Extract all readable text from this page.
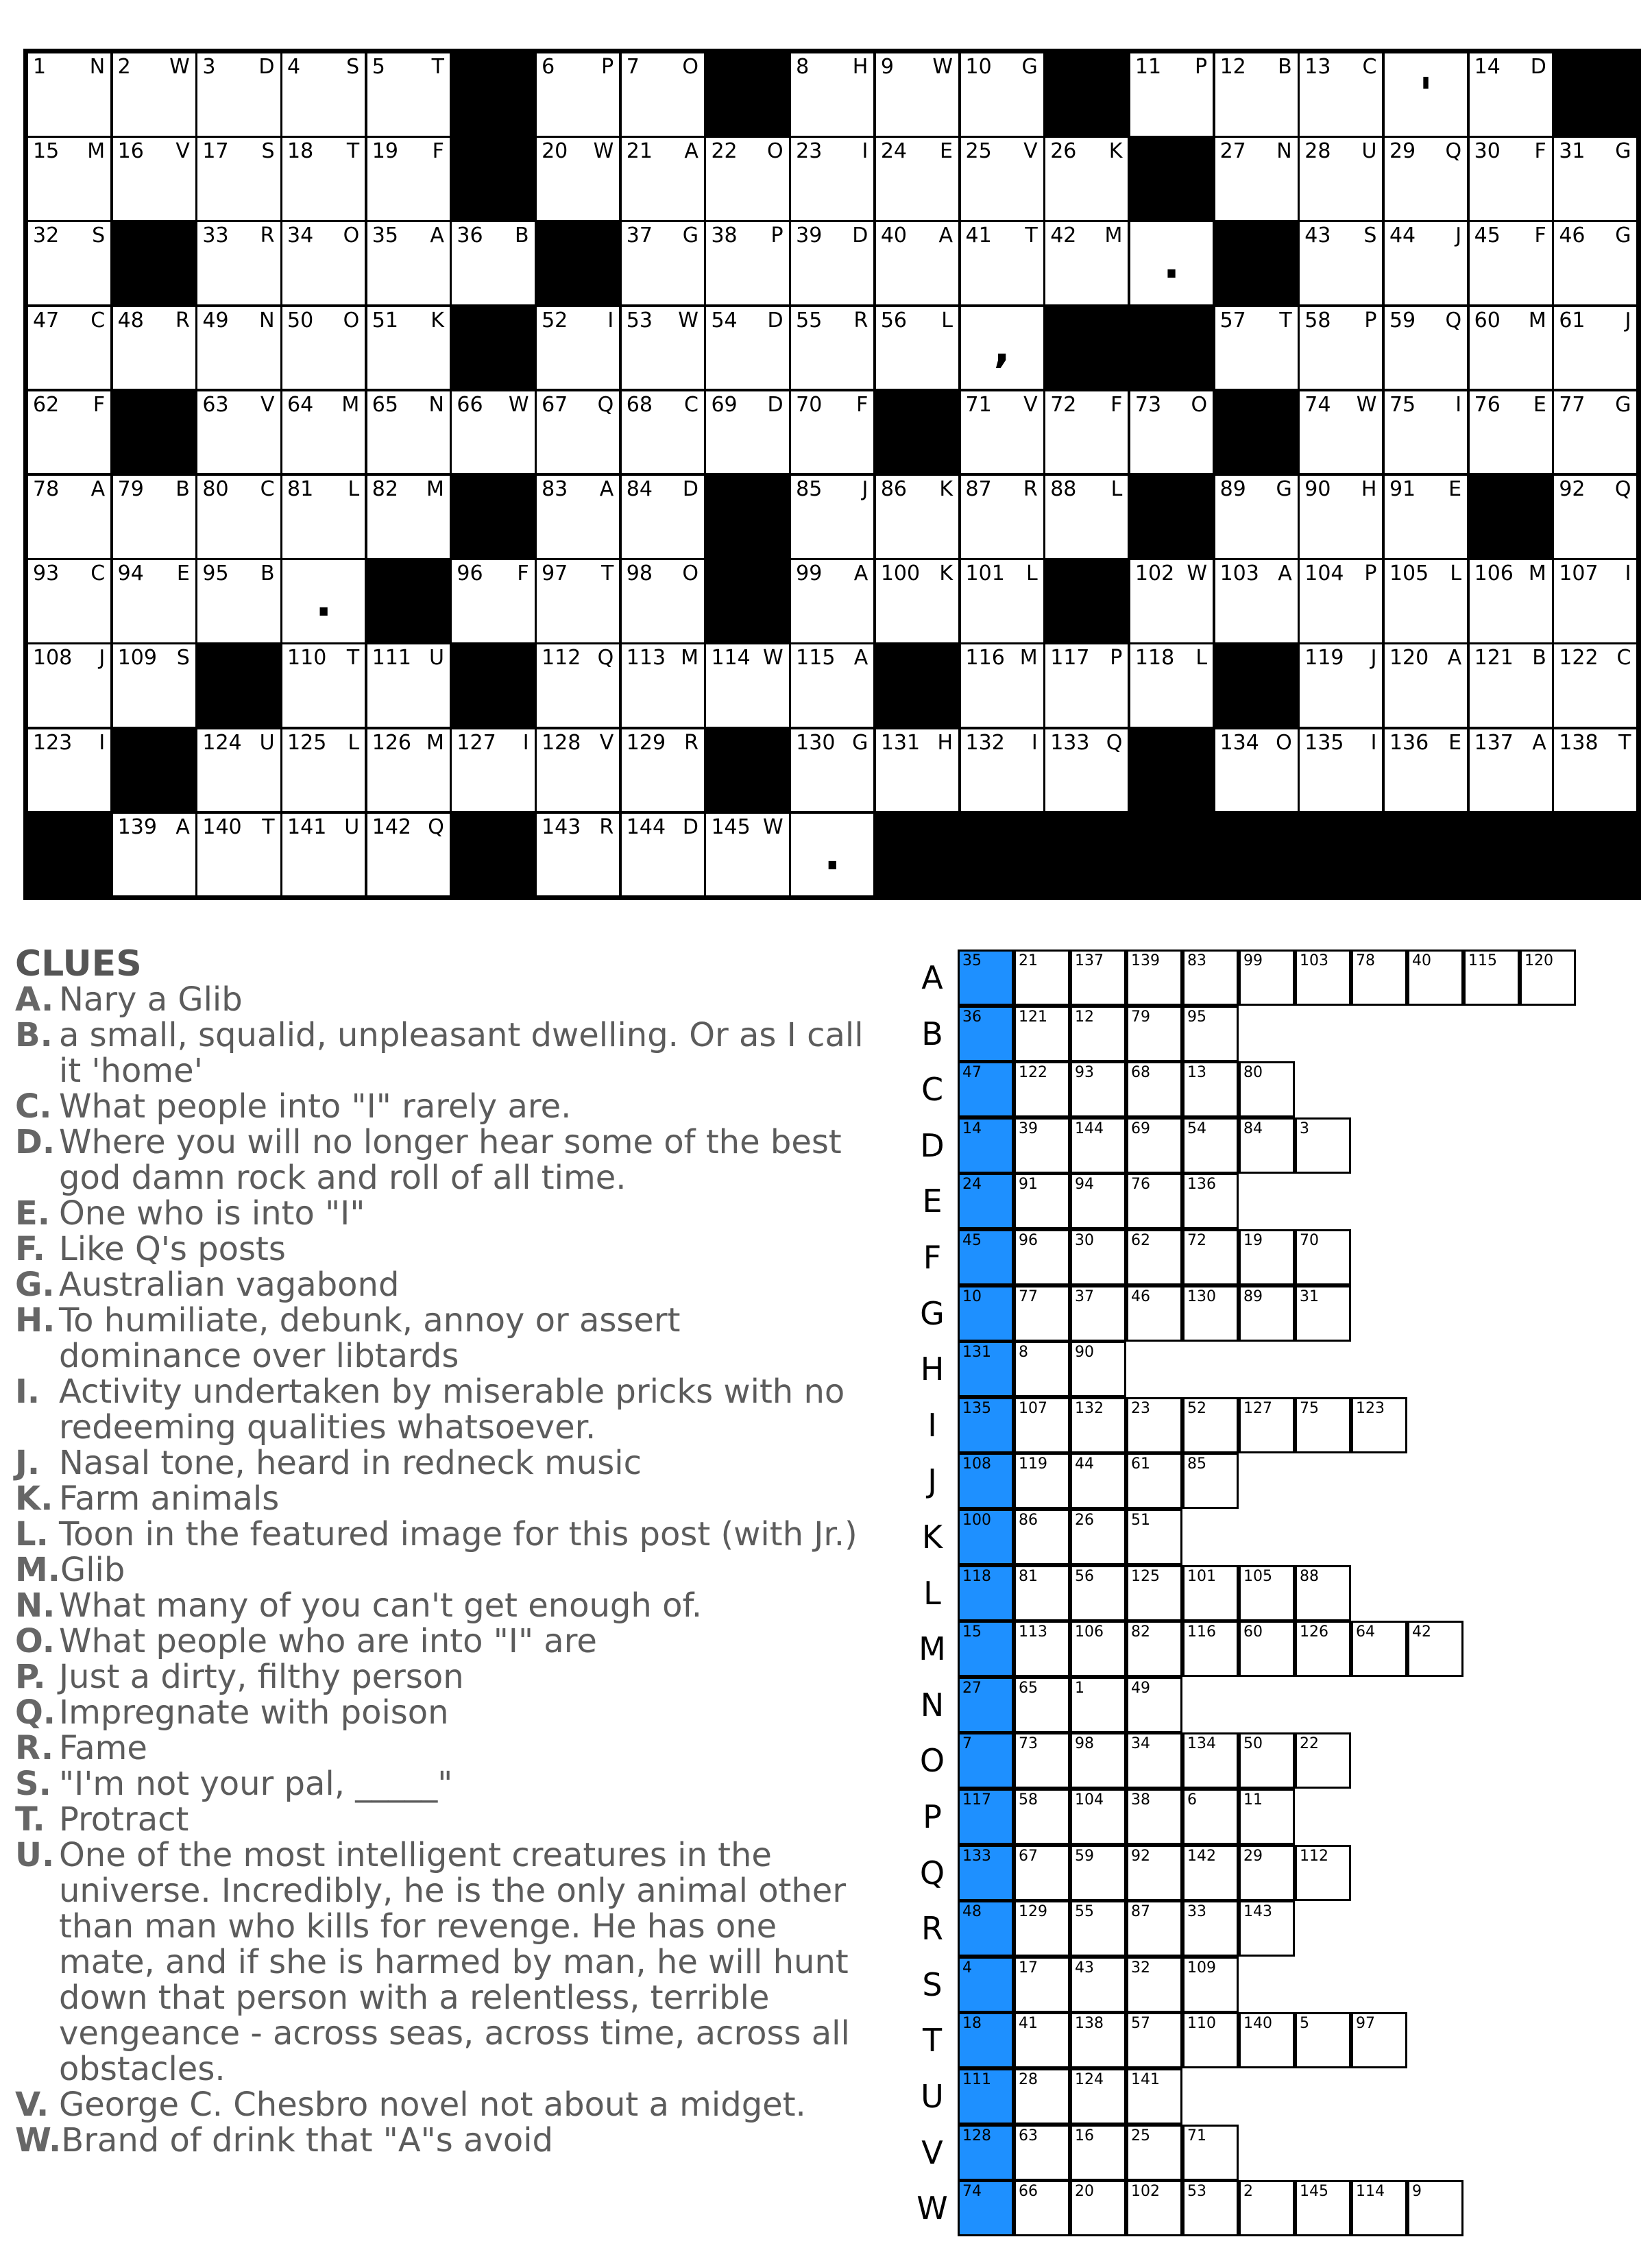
1 N 2 W 3 D 4 S 5 T	6 P 7 O	8 H 9 W 10 G	11 P 12 B 13 C
'
14 D
15 M 16 V 17 S 18 T 19 F	20 W 21 A 22 O 23 I 24 E 25 V 26 K	27 N 28 U 29 Q 30 F 31 G
32 S	33 R 34 O 35 A 36 B	37 G 38 P 39 D 40 A 41 T 42 M
.
43 S 44 J 45 F 46 G
47 C 48 R 49 N 50 O 51 K	52 I 53 W 54 D 55 R 56 L
,
57 T 58 P 59 Q 60 M 61 J
62 F	63 V 64 M 65 N 66 W 67 Q 68 C 69 D 70 F	71 V 72 F 73 O	74 W 75 I 76 E 77 G
78 A 79 B 80 C 81 L 82 M	83 A 84 D	85 J 86 K 87 R 88 L	89 G 90 H 91 E	92 Q
93 C 94 E 95 B
.
96 F 97 T 98 O	99 A 100 K 101 L	102 W 103 A 104 P 105 L 106 M 107 I
108 J 109 S	110 T 111 U	112 Q 113 M 114 W 115 A	116 M 117 P 118 L	119 J 120 A 121 B 122 C
123 I	124 U 125 L 126 M 127 I 128 V 129 R	130 G 131 H 132 I 133 Q	134 O 135 I 136 E 137 A 138 T
139 A 140 T 141 U 142 Q	143 R 144 D 145 W
.
CLUES
A. Nary a Glib
B. a small, squalid, unpleasant dwelling. Or as I call it 'home'
C. What people into "I" rarely are.
D. Where you will no longer hear some of the best god damn rock and roll of all time.
E. One who is into "I"
F. Like Q's posts
G. Australian vagabond
H. To humiliate, debunk, annoy or assert dominance over libtards
I. Activity undertaken by miserable pricks with no redeeming qualities whatsoever.
J. Nasal tone, heard in redneck music
K. Farm animals
L. Toon in the featured image for this post (with Jr.)
M. Glib
N. What many of you can't get enough of.
O. What people who are into "I" are
P. Just a dirty, filthy person
Q. Impregnate with poison
R. Fame
S. "I'm not your pal, _____"
T. Protract
U. One of the most intelligent creatures in the universe. Incredibly, he is the only animal other than man who kills for revenge. He has one mate, and if she is harmed by man, he will hunt down that person with a relentless, terrible vengeance - across seas, across time, across all obstacles.
V. George C. Chesbro novel not about a midget.
W. Brand of drink that "A"s avoid
A	35 21 137 139 83 99 103 78 40 115 120
B	36 121 12 79 95
C	47 122 93 68 13 80
D	14 39 144 69 54 84 3
E	24 91 94 76 136
F	45 96 30 62 72 19 70
G	10 77 37 46 130 89 31
H	131 8	90
I	135 107 132 23 52 127 75 123
J	108 119 44 61 85
K	100 86 26 51
L	118 81 56 125 101 105 88
M	15 113 106 82 116 60 126 64 42
N	27 65 1	49
O	7	73 98 34 134 50 22
P	117 58 104 38 6	11
Q	133 67 59 92 142 29 112
R	48 129 55 87 33 143
S	4	17 43 32 109
T	18 41 138 57 110 140 5	97
U	111 28 124 141
V	128 63 16 25 71
W 74 66 20 102 53 2	145 114 9
